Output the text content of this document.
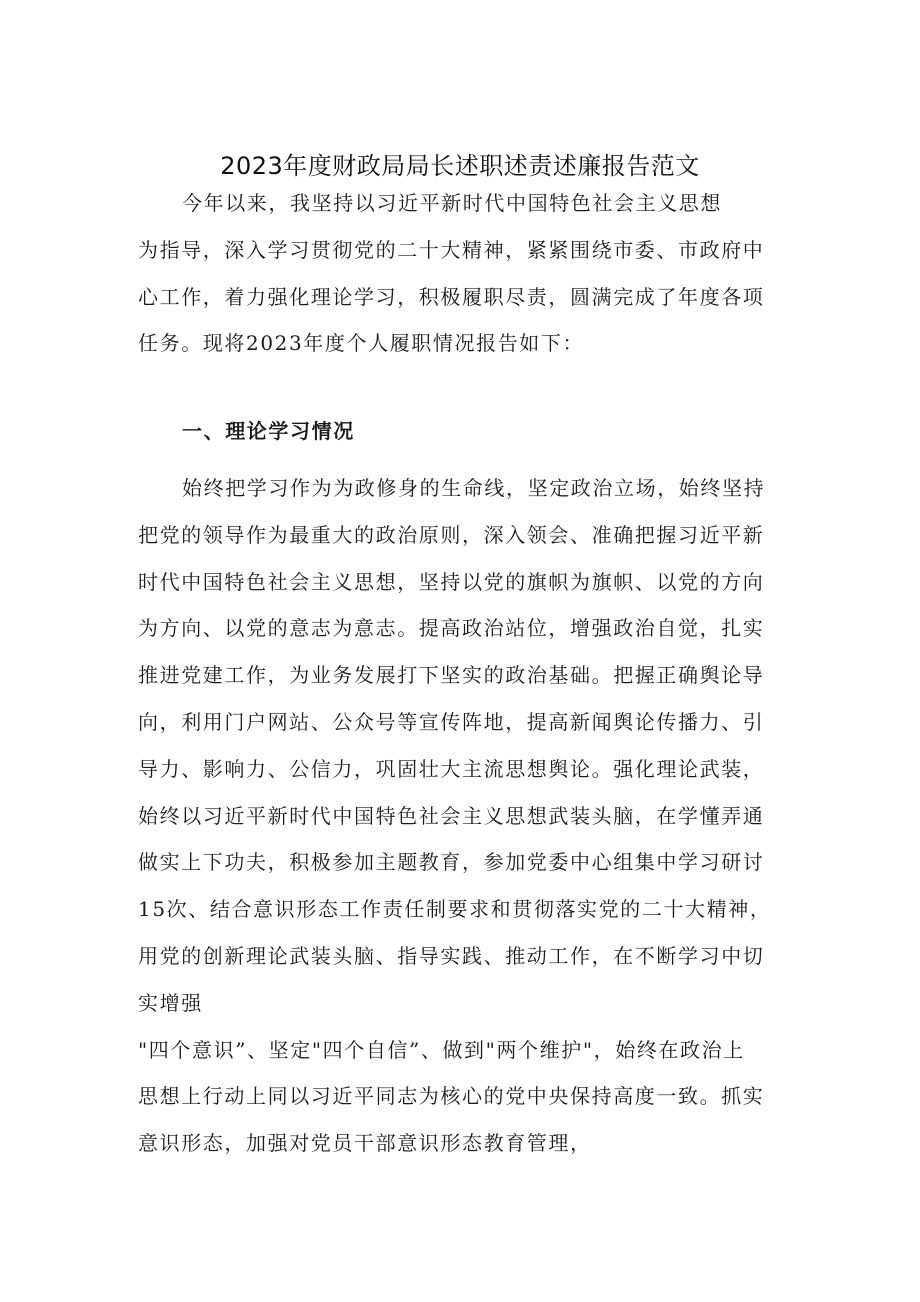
2023年度财政局局长述职述责述廉报告范文
今年以来，我坚持以习近平新时代中国特色社会主义思想
为指导，深入学习贯彻党的二十大精神，紧紧围绕市委、市政府中
心工作，着力强化理论学习，积极履职尽责，圆满完成了年度各项
任务。现将2023年度个人履职情况报告如下：
一、理论学习情况
始终把学习作为为政修身的生命线，坚定政治立场，始终坚持
把党的领导作为最重大的政治原则，深入领会、准确把握习近平新
时代中国特色社会主义思想，坚持以党的旗帜为旗帜、以党的方向
为方向、以党的意志为意志。提高政治站位，增强政治自觉，扎实
推进党建工作，为业务发展打下坚实的政治基础。把握正确舆论导
向，利用门户网站、公众号等宣传阵地，提高新闻舆论传播力、引
导力、影响力、公信力，巩固壮大主流思想舆论。强化理论武装，
始终以习近平新时代中国特色社会主义思想武装头脑，在学懂弄通
做实上下功夫，积极参加主题教育，参加党委中心组集中学习研讨
15次、结合意识形态工作责任制要求和贯彻落实党的二十大精神，
用党的创新理论武装头脑、指导实践、推动工作，在不断学习中切
实增强
"四个意识”、坚定"四个自信”、做到"两个维护"，始终在政治上
思想上行动上同以习近平同志为核心的党中央保持高度一致。抓实
意识形态，加强对党员干部意识形态教育管理，
